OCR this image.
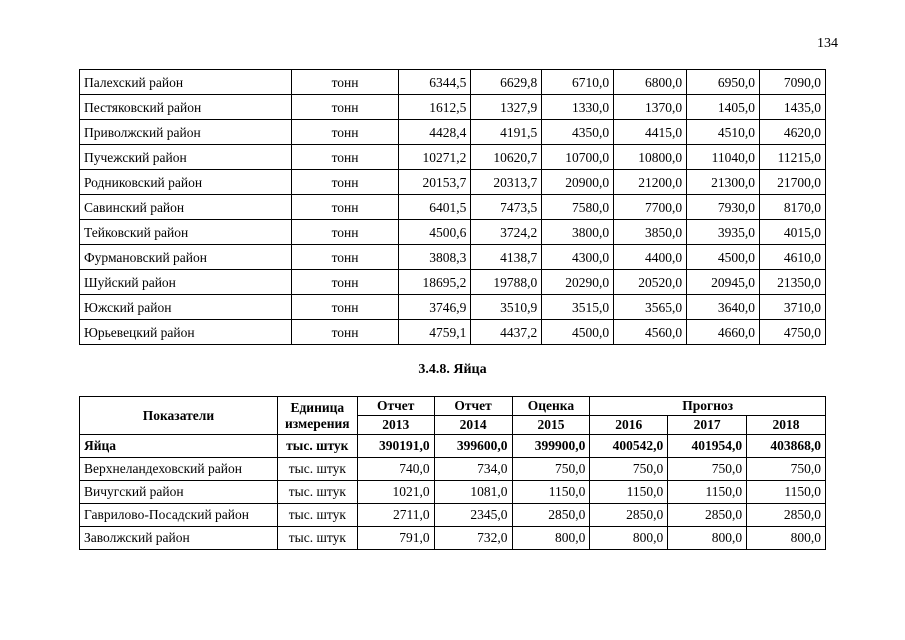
134
Палехский район	тонн	6344,5	6629,8	6710,0	6800,0	6950,0	7090,0
Пестяковский район	тонн	1612,5	1327,9	1330,0	1370,0	1405,0	1435,0
Приволжский район	тонн	4428,4	4191,5	4350,0	4415,0	4510,0	4620,0
Пучежский район	тонн	10271,2	10620,7	10700,0	10800,0	11040,0	11215,0
Родниковский район	тонн	20153,7	20313,7	20900,0	21200,0	21300,0	21700,0
Савинский район	тонн	6401,5	7473,5	7580,0	7700,0	7930,0	8170,0
Тейковский район	тонн	4500,6	3724,2	3800,0	3850,0	3935,0	4015,0
Фурмановский район	тонн	3808,3	4138,7	4300,0	4400,0	4500,0	4610,0
Шуйский район	тонн	18695,2	19788,0	20290,0	20520,0	20945,0	21350,0
Южский район	тонн	3746,9	3510,9	3515,0	3565,0	3640,0	3710,0
Юрьевецкий район	тонн	4759,1	4437,2	4500,0	4560,0	4660,0	4750,0
3.4.8. Яйца
Показатели	Единица измерения	Отчет	Отчет	Оценка	Прогноз		
		2013	2014	2015	2016	2017	2018
Яйца	тыс. штук	390191,0	399600,0	399900,0	400542,0	401954,0	403868,0
Верхнеландеховский район	тыс. штук	740,0	734,0	750,0	750,0	750,0	750,0
Вичугский район	тыс. штук	1021,0	1081,0	1150,0	1150,0	1150,0	1150,0
Гаврилово-Посадский район	тыс. штук	2711,0	2345,0	2850,0	2850,0	2850,0	2850,0
Заволжский район	тыс. штук	791,0	732,0	800,0	800,0	800,0	800,0
